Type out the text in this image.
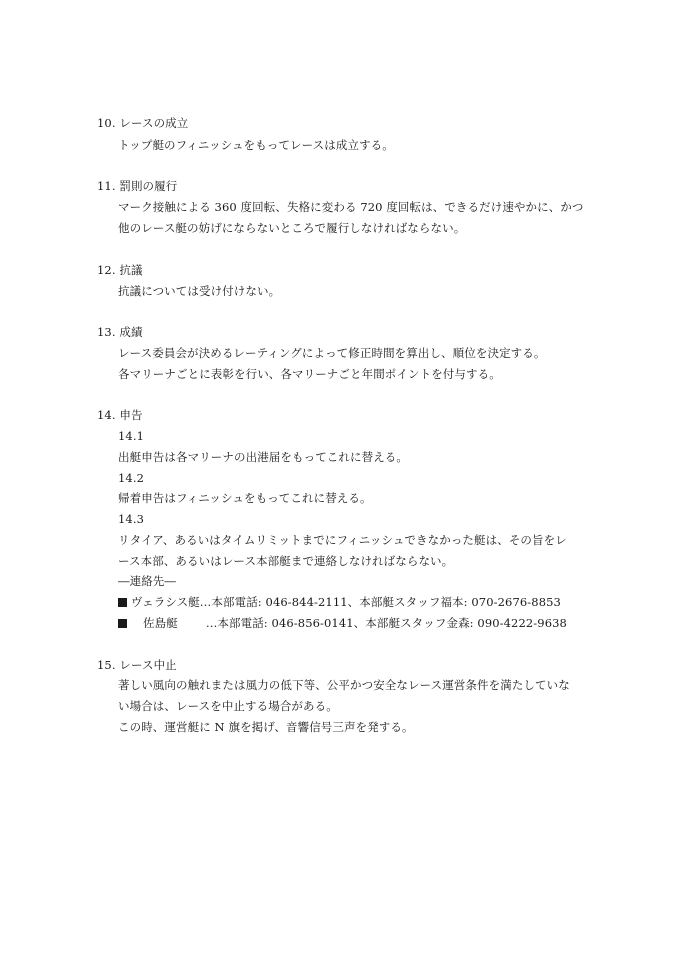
10. レースの成立
トップ艇のフィニッシュをもってレースは成立する。
11. 罰則の履行
マーク接触による 360 度回転、失格に変わる 720 度回転は、できるだけ速やかに、かつ
他のレース艇の妨げにならないところで履行しなければならない。
12. 抗議
抗議については受け付けない。
13. 成績
レース委員会が決めるレーティングによって修正時間を算出し、順位を決定する。
各マリーナごとに表彰を行い、各マリーナごと年間ポイントを付与する。
14. 申告
14.1
出艇申告は各マリーナの出港届をもってこれに替える。
14.2
帰着申告はフィニッシュをもってこれに替える。
14.3
リタイア、あるいはタイムリミットまでにフィニッシュできなかった艇は、その旨をレ
ース本部、あるいはレース本部艇まで連絡しなければならない。
―連絡先―
ヴェラシス艇…本部電話: 046-844-2111、本部艇スタッフ福本: 070-2676-8853
佐島艇 …本部電話: 046-856-0141、本部艇スタッフ金森: 090-4222-9638
15. レース中止
著しい風向の触れまたは風力の低下等、公平かつ安全なレース運営条件を満たしていな
い場合は、レースを中止する場合がある。
この時、運営艇に N 旗を掲げ、音響信号三声を発する。
